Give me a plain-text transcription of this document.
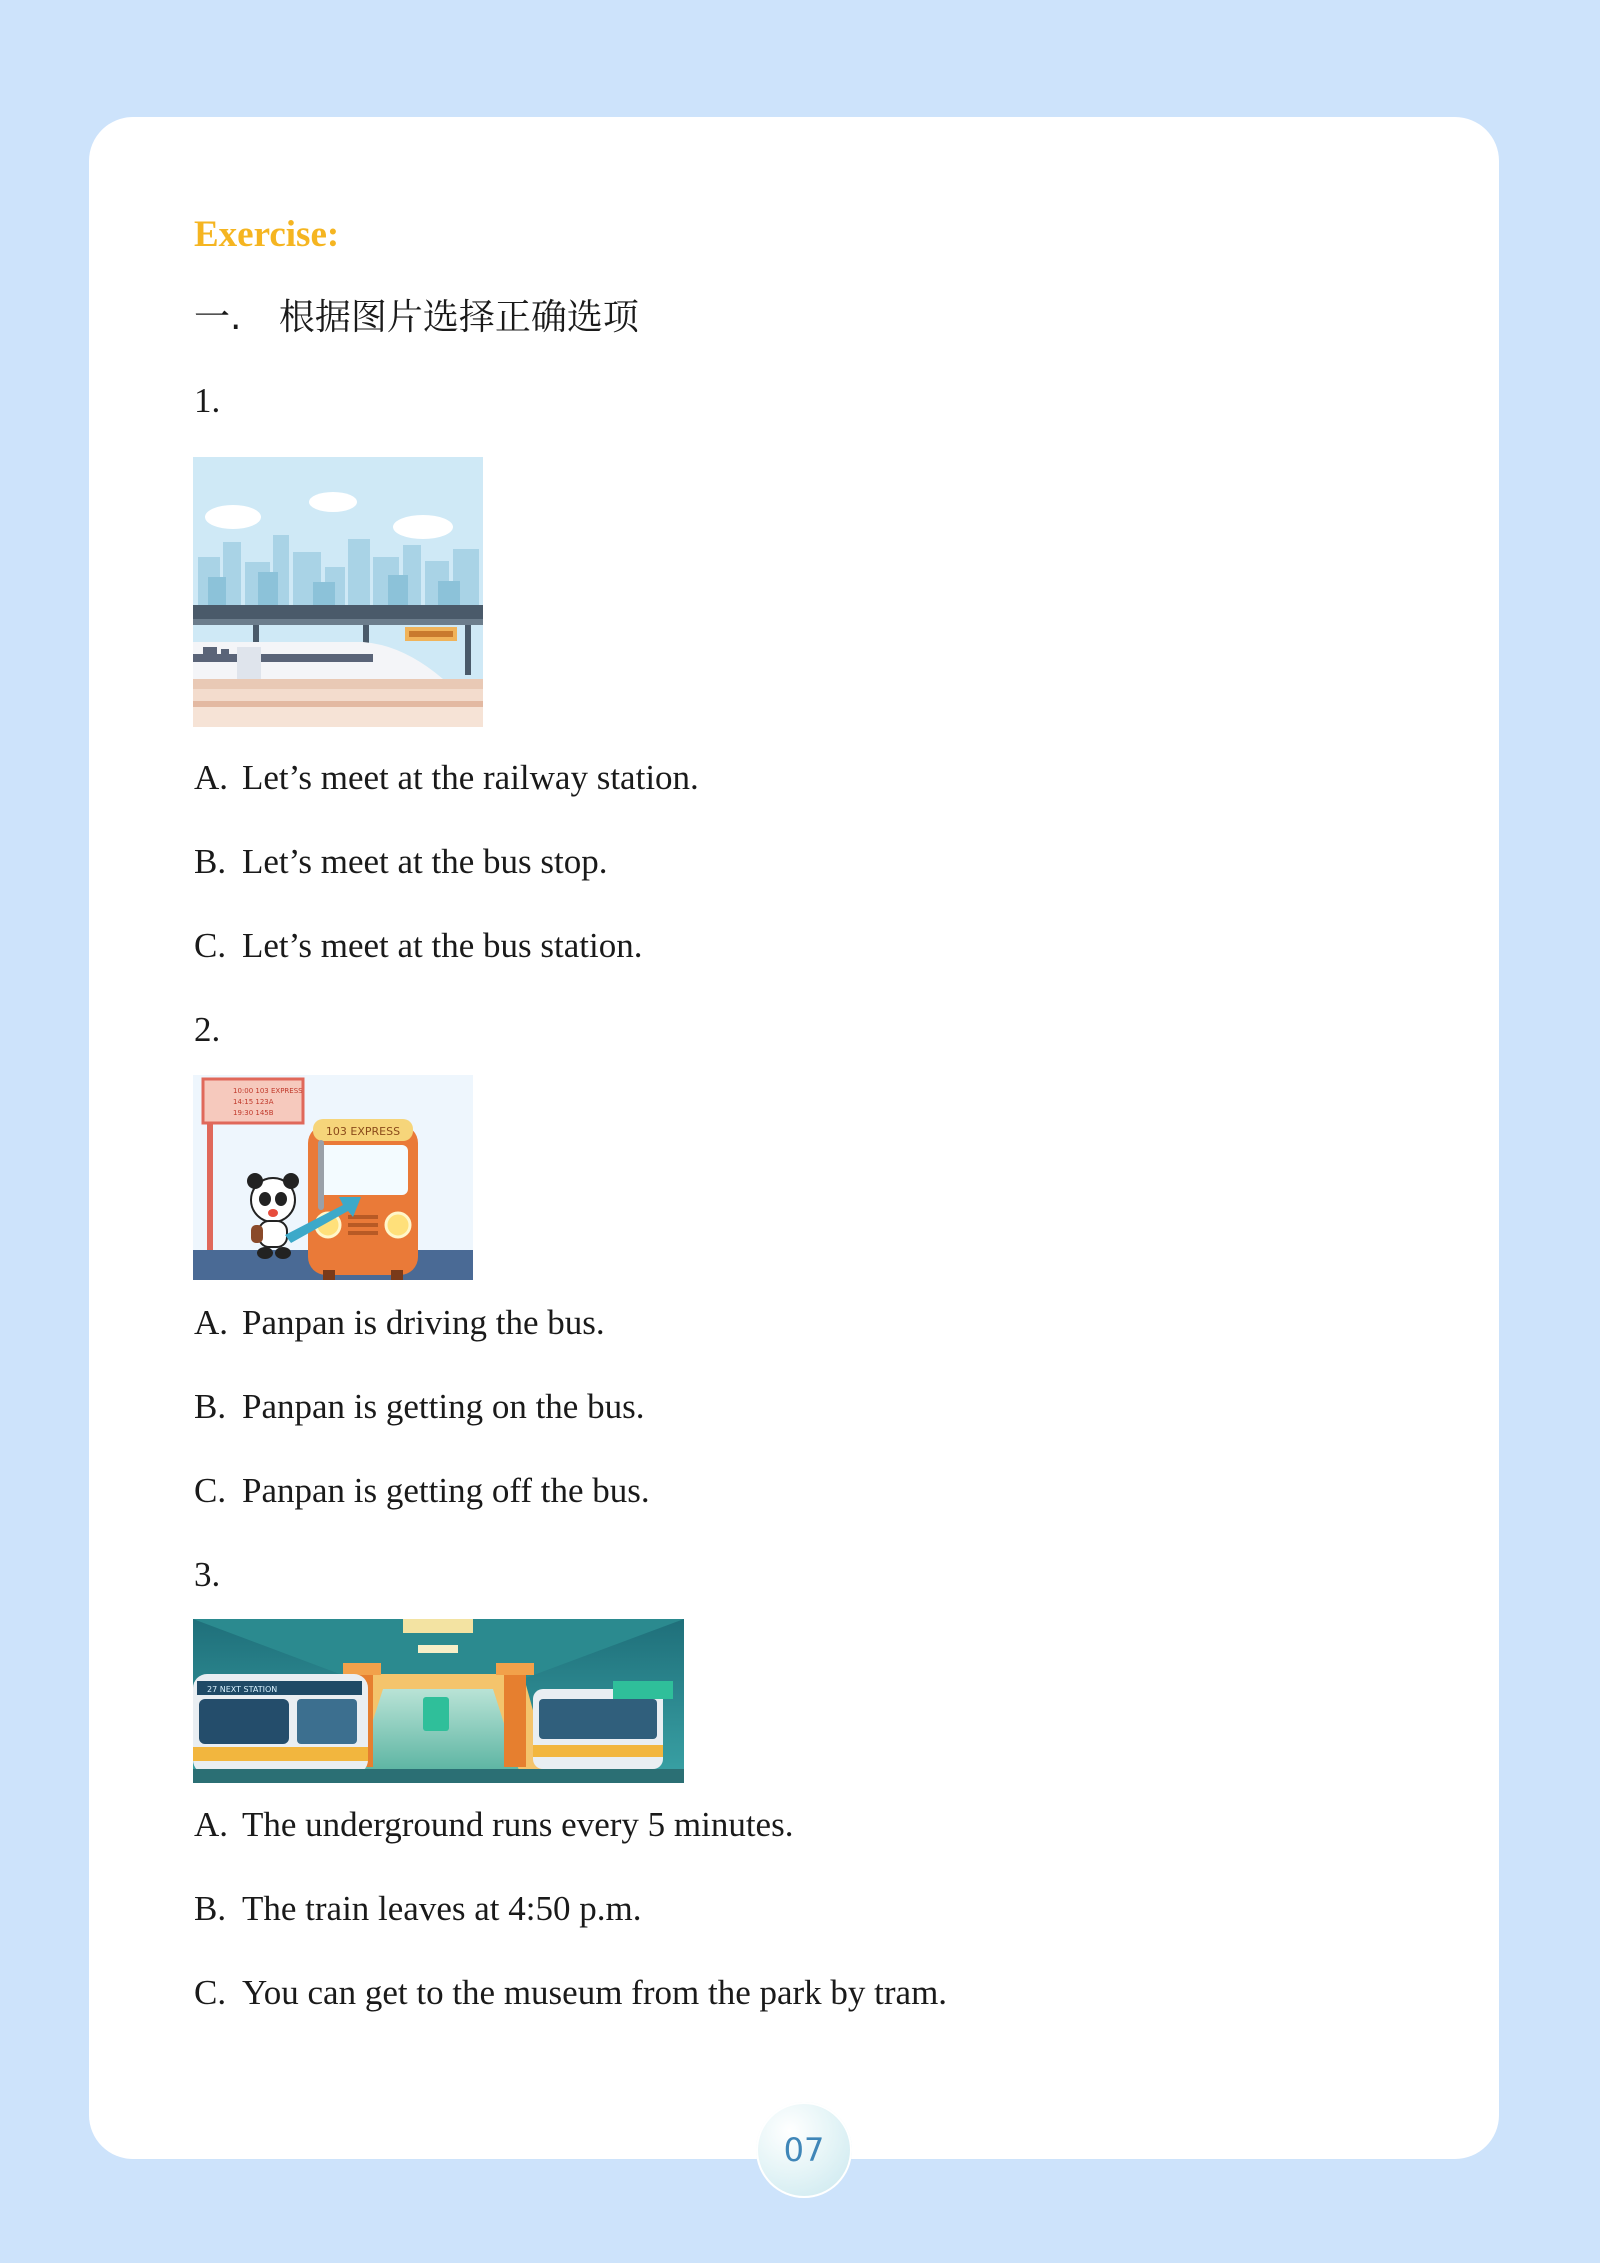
Exercise:
一. 根据图片选择正确选项
1.
A. Let’s meet at the railway station.
B. Let’s meet at the bus stop.
C. Let’s meet at the bus station.
2.
10:00 103 EXPRESS
14:15 123A
19:30 145B
103 EXPRESS
A. Panpan is driving the bus.
B. Panpan is getting on the bus.
C. Panpan is getting off the bus.
3.
27 NEXT STATION
A. The underground runs every 5 minutes.
B. The train leaves at 4:50 p.m.
C. You can get to the museum from the park by tram.
07
